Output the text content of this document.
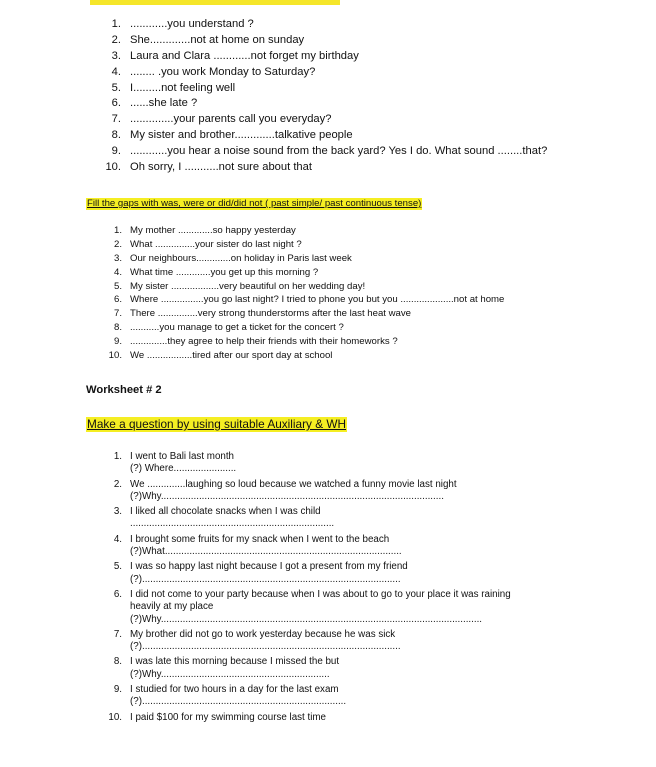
1. ............you understand ?
2. She.............not at home on sunday
3. Laura and Clara ............not forget my birthday
4. ........ .you work Monday to Saturday?
5. I.........not feeling well
6. ......she late ?
7. ..............your parents call you everyday?
8. My sister and brother.............talkative people
9. ............you hear a noise sound from the back yard? Yes I do. What sound ........that?
10. Oh sorry, I ...........not sure about that
Fill the gaps with was, were or did/did not ( past simple/ past continuous tense)
1. My mother .............so happy yesterday
2. What ...............your sister do last night ?
3. Our neighbours.............on holiday in Paris last week
4. What time .............you get up this morning ?
5. My sister ..................very beautiful on her wedding day!
6. Where ................you go last night? I tried to phone you but you ....................not at home
7. There ...............very strong thunderstorms after the last heat wave
8. ...........you manage to get a ticket for the concert ?
9. ..............they agree to help their friends with their homeworks ?
10. We .................tired after our sport day at school
Worksheet # 2
Make a question by using suitable Auxiliary & WH
1. I went to Bali last month
(?) Where.......................
2. We ..............laughing so loud because we watched a funny movie last night
(?)Why........................................................................................................
3. I liked all chocolate snacks when I was child
...........................................................................
4. I brought some fruits for my snack when I went to the beach
(?)What.......................................................................................
5. I was so happy last night because I got a present from my friend
(?)...............................................................................................
6. I did not come to your party because when I was about to go to your place it was raining
heavily at my place
(?)Why......................................................................................................................
7. My brother did not go to work yesterday because he was sick
(?)...............................................................................................
8. I was late this morning because I missed the but
(?)Why..............................................................
9. I studied for two hours in a day for the last exam
(?)...........................................................................
10. I paid $100 for my swimming course last time
